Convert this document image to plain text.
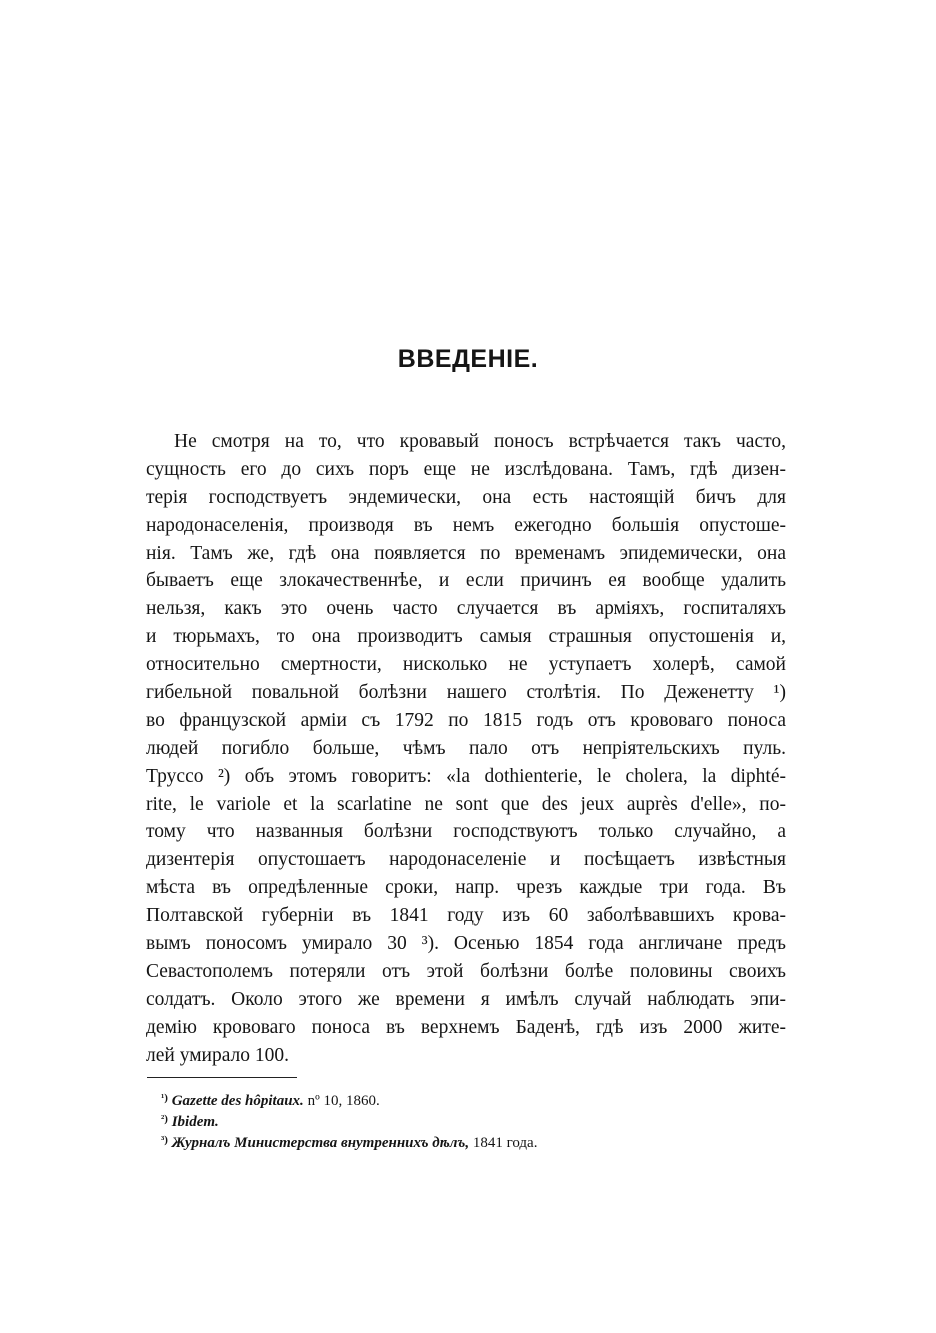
ВВЕДЕНІЕ.
Не смотря на то, что кровавый поносъ встрѣчается такъ часто,
сущность его до сихъ поръ еще не изслѣдована. Тамъ, гдѣ дизен-
терія господствуетъ эндемически, она есть настоящій бичъ для
народонаселенія, производя въ немъ ежегодно большія опустоше-
нія. Тамъ же, гдѣ она появляется по временамъ эпидемически, она
бываетъ еще злокачественнѣе, и если причинъ ея вообще удалить
нельзя, какъ это очень часто случается въ арміяхъ, госпиталяхъ
и тюрьмахъ, то она производитъ самыя страшныя опустошенія и,
относительно смертности, нисколько не уступаетъ холерѣ, самой
гибельной повальной болѣзни нашего столѣтія. По Деженетту ¹)
во французской арміи съ 1792 по 1815 годъ отъ крововаго поноса
людей погибло больше, чѣмъ пало отъ непріятельскихъ пуль.
Труссо ²) объ этомъ говоритъ: «la dothienterie, le cholera, la diphté-
rite, le variole et la scarlatine ne sont que des jeux auprès d'elle», по-
тому что названныя болѣзни господствуютъ только случайно, а
дизентерія опустошаетъ народонаселеніе и посѣщаетъ извѣстныя
мѣста въ опредѣленные сроки, напр. чрезъ каждые три года. Въ
Полтавской губерніи въ 1841 году изъ 60 заболѣвавшихъ крова-
вымъ поносомъ умирало 30 ³). Осенью 1854 года англичане предъ
Севастополемъ потеряли отъ этой болѣзни болѣе половины своихъ
солдатъ. Около этого же времени я имѣлъ случай наблюдать эпи-
демію крововаго поноса въ верхнемъ Баденѣ, гдѣ изъ 2000 жите-
лей умирало 100.
$^{^1)}$ Gazette des hôpitaux. nº 10, 1860.
$^{^2)}$ Ibidem.
$^{^3)}$ Журналъ Министерства внутреннихъ дѣлъ, 1841 года.
